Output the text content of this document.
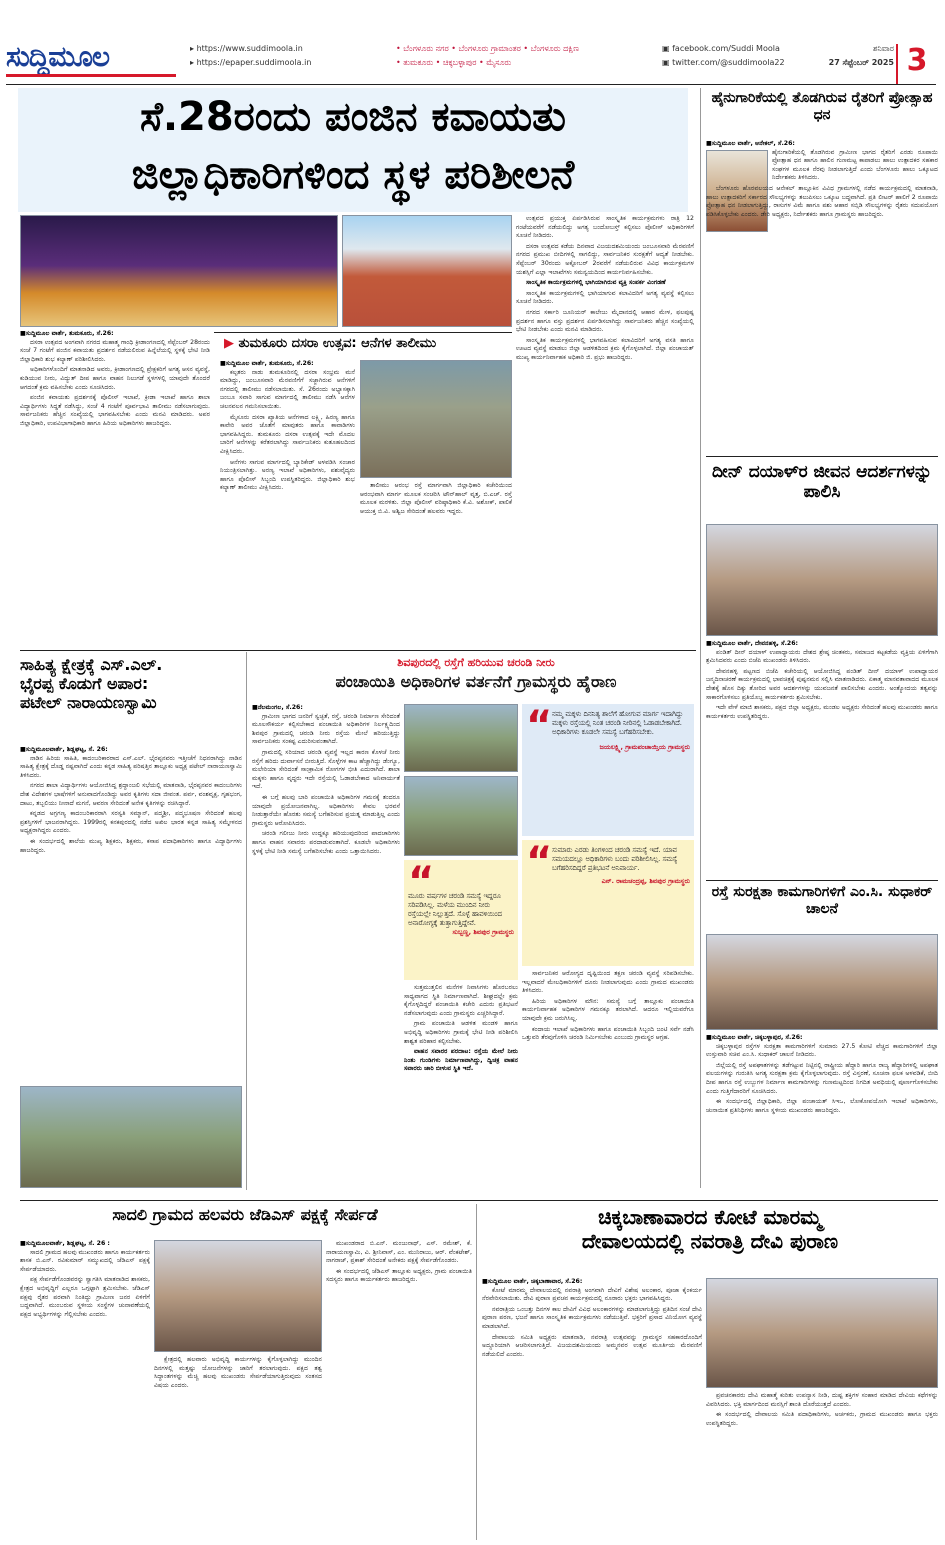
ಸುದ್ದಿಮೂಲ	▸ https://www.suddimoola.in
▸ https://epaper.suddimoola.in
• ಬೆಂಗಳೂರು ನಗರ • ಬೆಂಗಳೂರು ಗ್ರಾಮಾಂತರ • ಬೆಂಗಳೂರು ದಕ್ಷಿಣ
• ತುಮಕೂರು • ಚಿಕ್ಕಬಳ್ಳಾಪುರ • ಮೈಸೂರು
▣ facebook.com/Suddi Moola
▣ twitter.com/@suddimoola22
ಶನಿವಾರ
27 ಸೆಪ್ಟೆಂಬರ್ 2025 3
ಸೆ.28ರಂದು ಪಂಜಿನ ಕವಾಯತು
ಜಿಲ್ಲಾಧಿಕಾರಿಗಳಿಂದ ಸ್ಥಳ ಪರಿಶೀಲನೆ
■ಸುದ್ದಿಮೂಲ ವಾರ್ತೆ, ತುಮಕೂರು, ಸೆ.26:

ದಸರಾ ಉತ್ಸವದ ಅಂಗವಾಗಿ ನಗರದ ಮಹಾತ್ಮ ಗಾಂಧಿ ಕ್ರೀಡಾಂಗಣದಲ್ಲಿ ಸೆಪ್ಟೆಂಬರ್ 28ರಂದು ಸಂಜೆ 7 ಗಂಟೆಗೆ ಪಂಜಿನ ಕವಾಯತು ಪ್ರದರ್ಶನ ನಡೆಯಲಿರುವ ಹಿನ್ನೆಲೆಯಲ್ಲಿ ಸ್ಥಳಕ್ಕೆ ಭೇಟಿ ನೀಡಿ ಜಿಲ್ಲಾಧಿಕಾರಿ ಶುಭ ಕಲ್ಯಾಣ್ ಪರಿಶೀಲಿಸಿದರು.

ಅಧಿಕಾರಿಗಳೊಂದಿಗೆ ಮಾತನಾಡಿದ ಅವರು, ಕ್ರೀಡಾಂಗಣದಲ್ಲಿ ಪ್ರೇಕ್ಷಕರಿಗೆ ಅಗತ್ಯ ಆಸನ ವ್ಯವಸ್ಥೆ, ಕುಡಿಯುವ ನೀರು, ವಿದ್ಯುತ್ ದೀಪ ಹಾಗೂ ವಾಹನ ನಿಲುಗಡೆ ಸ್ಥಳಗಳಲ್ಲಿ ಯಾವುದೇ ತೊಂದರೆ ಆಗದಂತೆ ಕ್ರಮ ವಹಿಸಬೇಕು ಎಂದು ಸೂಚಿಸಿದರು.

ಪಂಜಿನ ಕವಾಯತು ಪ್ರದರ್ಶನಕ್ಕೆ ಪೊಲೀಸ್ ಇಲಾಖೆ, ಕ್ರೀಡಾ ಇಲಾಖೆ ಹಾಗೂ ಶಾಲಾ ವಿದ್ಯಾರ್ಥಿಗಳು ಸಿದ್ಧತೆ ನಡೆಸಿದ್ದು, ಸಂಜೆ 4 ಗಂಟೆಗೆ ಪೂರ್ವಭಾವಿ ತಾಲೀಮು ನಡೆಸಲಾಗುವುದು. ಸಾರ್ವಜನಿಕರು ಹೆಚ್ಚಿನ ಸಂಖ್ಯೆಯಲ್ಲಿ ಭಾಗವಹಿಸಬೇಕು ಎಂದು ಮನವಿ ಮಾಡಿದರು. ಅಪರ ಜಿಲ್ಲಾಧಿಕಾರಿ, ಉಪವಿಭಾಗಾಧಿಕಾರಿ ಹಾಗೂ ಹಿರಿಯ ಅಧಿಕಾರಿಗಳು ಹಾಜರಿದ್ದರು.

ಉತ್ಸವದ ಪ್ರಯುಕ್ತ ಏರ್ಪಡಿಸಿರುವ ಸಾಂಸ್ಕೃತಿಕ ಕಾರ್ಯಕ್ರಮಗಳು ರಾತ್ರಿ 12 ಗಂಟೆಯವರೆಗೆ ನಡೆಯಲಿದ್ದು ಅಗತ್ಯ ಬಂದೋಬಸ್ತ್ ಕಲ್ಪಿಸಲು ಪೊಲೀಸ್ ಅಧಿಕಾರಿಗಳಿಗೆ ಸೂಚನೆ ನೀಡಿದರು.

ದಸರಾ ಉತ್ಸವದ ಕಡೆಯ ದಿನವಾದ ವಿಜಯದಶಮಿಯಂದು ಜಂಬೂಸವಾರಿ ಮೆರವಣಿಗೆ ನಗರದ ಪ್ರಮುಖ ಬೀದಿಗಳಲ್ಲಿ ಸಾಗಲಿದ್ದು, ಸಾರ್ವಜನಿಕರ ಸುರಕ್ಷತೆಗೆ ಆದ್ಯತೆ ನೀಡಬೇಕು. ಸೆಪ್ಟೆಂಬರ್ 30ರಂದು ಅಕ್ಟೋಬರ್ 2ರವರೆಗೆ ನಡೆಯಲಿರುವ ವಿವಿಧ ಕಾರ್ಯಕ್ರಮಗಳ ಯಶಸ್ಸಿಗೆ ಎಲ್ಲಾ ಇಲಾಖೆಗಳು ಸಮನ್ವಯದಿಂದ ಕಾರ್ಯನಿರ್ವಹಿಸಬೇಕು.

ಸಾಂಸ್ಕೃತಿಕ ಕಾರ್ಯಕ್ರಮಗಳಲ್ಲಿ ಭಾಗಿಯಾಗಿರುವ ವ್ಯಕ್ತಿ ಸಂಪರ್ಕ ವಿಂಗಡಣೆ

ಸಾಂಸ್ಕೃತಿಕ ಕಾರ್ಯಕ್ರಮಗಳಲ್ಲಿ ಭಾಗಿಯಾಗುವ ಕಲಾವಿದರಿಗೆ ಅಗತ್ಯ ವ್ಯವಸ್ಥೆ ಕಲ್ಪಿಸಲು ಸೂಚನೆ ನೀಡಿದರು.

ನಗರದ ಸರ್ಕಾರಿ ಜೂನಿಯರ್ ಕಾಲೇಜು ಮೈದಾನದಲ್ಲಿ ಆಹಾರ ಮೇಳ, ಫಲಪುಷ್ಪ ಪ್ರದರ್ಶನ ಹಾಗೂ ವಸ್ತು ಪ್ರದರ್ಶನ ಏರ್ಪಡಿಸಲಾಗಿದ್ದು ಸಾರ್ವಜನಿಕರು ಹೆಚ್ಚಿನ ಸಂಖ್ಯೆಯಲ್ಲಿ ಭೇಟಿ ನೀಡಬೇಕು ಎಂದು ಮನವಿ ಮಾಡಿದರು.

ಸಾಂಸ್ಕೃತಿಕ ಕಾರ್ಯಕ್ರಮಗಳಲ್ಲಿ ಭಾಗವಹಿಸುವ ಕಲಾವಿದರಿಗೆ ಅಗತ್ಯ ವಸತಿ ಹಾಗೂ ಊಟದ ವ್ಯವಸ್ಥೆ ಮಾಡಲು ಜಿಲ್ಲಾ ಆಡಳಿತದಿಂದ ಕ್ರಮ ಕೈಗೊಳ್ಳಲಾಗಿದೆ. ಜಿಲ್ಲಾ ಪಂಚಾಯತ್ ಮುಖ್ಯ ಕಾರ್ಯನಿರ್ವಾಹಕ ಅಧಿಕಾರಿ ಜಿ. ಪ್ರಭು ಹಾಜರಿದ್ದರು.

▶ ತುಮಕೂರು ದಸರಾ ಉತ್ಸವ: ಆನೆಗಳ ತಾಲೀಮು
■ಸುದ್ದಿಮೂಲ ವಾರ್ತೆ, ತುಮಕೂರು, ಸೆ.26:

ಕಲ್ಪತರು ನಾಡು ತುಮಕೂರಿನಲ್ಲಿ ದಸರಾ ಸಂಭ್ರಮ ಮನೆ ಮಾಡಿದ್ದು, ಜಂಬೂಸವಾರಿ ಮೆರವಣಿಗೆಗೆ ಸಜ್ಜಾಗಿರುವ ಆನೆಗಳಿಗೆ ನಗರದಲ್ಲಿ ತಾಲೀಮು ನಡೆಸಲಾಯಿತು. ಸೆ. 26ರಂದು ಅಭ್ಯಾಸಕ್ಕಾಗಿ ಜಂಬೂ ಸವಾರಿ ಸಾಗುವ ಮಾರ್ಗದಲ್ಲಿ ತಾಲೀಮು ನಡೆಸಿ ಆನೆಗಳ ಚಲನವಲನ ಗಮನಿಸಲಾಯಿತು.

ಮೈಸೂರು ದಸರಾ ಖ್ಯಾತಿಯ ಆನೆಗಳಾದ ಲಕ್ಷ್ಮಿ, ಹಿರಣ್ಯ ಹಾಗೂ ಕಾವೇರಿ ಅವರ ಜೊತೆಗೆ ಮಾವುತರು ಹಾಗೂ ಕಾವಾಡಿಗಳು ಭಾಗವಹಿಸಿದ್ದರು. ತುಮಕೂರು ದಸರಾ ಉತ್ಸವಕ್ಕೆ ಇದೇ ಮೊದಲ ಬಾರಿಗೆ ಆನೆಗಳನ್ನು ಕರೆತರಲಾಗಿದ್ದು ಸಾರ್ವಜನಿಕರು ಕುತೂಹಲದಿಂದ ವೀಕ್ಷಿಸಿದರು.

ಆನೆಗಳು ಸಾಗುವ ಮಾರ್ಗದಲ್ಲಿ ಬ್ಯಾರಿಕೇಡ್ ಅಳವಡಿಸಿ ಸಂಚಾರ ನಿಯಂತ್ರಿಸಲಾಗಿತ್ತು. ಅರಣ್ಯ ಇಲಾಖೆ ಅಧಿಕಾರಿಗಳು, ಪಶುವೈದ್ಯರು ಹಾಗೂ ಪೊಲೀಸ್ ಸಿಬ್ಬಂದಿ ಉಪಸ್ಥಿತರಿದ್ದರು. ಜಿಲ್ಲಾಧಿಕಾರಿ ಶುಭ ಕಲ್ಯಾಣ್ ತಾಲೀಮು ವೀಕ್ಷಿಸಿದರು.	ತಾಲೀಮು ಆರಂಭ ರಸ್ತೆ ಮಾರ್ಗವಾಗಿ ಜಿಲ್ಲಾಧಿಕಾರಿ ಕಚೇರಿಯಿಂದ ಆರಂಭವಾಗಿ ಮಾರ್ಗ ಮೂಲಕ ಸಂಚರಿಸಿ ಟೌನ್‌ಹಾಲ್ ವೃತ್ತ, ಬಿ.ಎಚ್. ರಸ್ತೆ ಮೂಲಕ ಮರಳಿತು. ಜಿಲ್ಲಾ ಪೊಲೀಸ್ ವರಿಷ್ಠಾಧಿಕಾರಿ ಕೆ.ವಿ. ಅಶೋಕ್, ಪಾಲಿಕೆ ಆಯುಕ್ತ ಬಿ.ವಿ. ಅಶ್ವಿಜ ಸೇರಿದಂತೆ ಹಲವರು ಇದ್ದರು.

ಹೈನುಗಾರಿಕೆಯಲ್ಲಿ ತೊಡಗಿರುವ ರೈತರಿಗೆ ಪ್ರೋತ್ಸಾಹ ಧನ
■ಸುದ್ದಿಮೂಲ ವಾರ್ತೆ, ಆನೇಕಲ್, ಸೆ.26:

ಹೈನುಗಾರಿಕೆಯಲ್ಲಿ ತೊಡಗಿರುವ ಗ್ರಾಮೀಣ ಭಾಗದ ರೈತರಿಗೆ ಎರಡು ರೂಪಾಯಿ ಪ್ರೋತ್ಸಾಹ ಧನ ಹಾಗೂ ಹಾಲಿನ ಗುಣಮಟ್ಟ ಕಾಪಾಡಲು ಹಾಲು ಉತ್ಪಾದಕರ ಸಹಕಾರ ಸಂಘಗಳ ಮೂಲಕ ನೆರವು ನೀಡಲಾಗುತ್ತಿದೆ ಎಂದು ಬೆಂಗಳೂರು ಹಾಲು ಒಕ್ಕೂಟದ ನಿರ್ದೇಶಕರು ತಿಳಿಸಿದರು.

ಬೆಂಗಳೂರು ಹೊರವಲಯದ ಆನೇಕಲ್ ತಾಲ್ಲೂಕಿನ ವಿವಿಧ ಗ್ರಾಮಗಳಲ್ಲಿ ನಡೆದ ಕಾರ್ಯಕ್ರಮದಲ್ಲಿ ಮಾತನಾಡಿ, ಹಾಲು ಉತ್ಪಾದಕರಿಗೆ ಸರ್ಕಾರದ ಸೌಲಭ್ಯಗಳನ್ನು ತಲುಪಿಸಲು ಒಕ್ಕೂಟ ಬದ್ಧವಾಗಿದೆ. ಪ್ರತಿ ಲೀಟರ್ ಹಾಲಿಗೆ 2 ರೂಪಾಯಿ ಪ್ರೋತ್ಸಾಹ ಧನ ನೀಡಲಾಗುತ್ತಿದ್ದು, ರಾಸುಗಳ ವಿಮೆ ಹಾಗೂ ಪಶು ಆಹಾರ ಸಬ್ಸಿಡಿ ಸೌಲಭ್ಯಗಳನ್ನು ರೈತರು ಸದುಪಯೋಗ ಪಡಿಸಿಕೊಳ್ಳಬೇಕು ಎಂದರು. ಡೇರಿ ಅಧ್ಯಕ್ಷರು, ನಿರ್ದೇಶಕರು ಹಾಗೂ ಗ್ರಾಮಸ್ಥರು ಹಾಜರಿದ್ದರು.

ದೀನ್ ದಯಾಳ್‌ರ ಜೀವನ ಆದರ್ಶಗಳನ್ನು ಪಾಲಿಸಿ
■ಸುದ್ದಿಮೂಲ ವಾರ್ತೆ, ದೇವನಹಳ್ಳಿ, ಸೆ.26:

ಪಂಡಿತ್ ದೀನ್ ದಯಾಳ್ ಉಪಾಧ್ಯಾಯರು ದೇಶದ ಶ್ರೇಷ್ಠ ಚಿಂತಕರು, ಸಮಾಜದ ಕಟ್ಟಕಡೆಯ ವ್ಯಕ್ತಿಯ ಏಳಿಗೆಗಾಗಿ ಶ್ರಮಿಸಿದವರು ಎಂದು ಬಿಜೆಪಿ ಮುಖಂಡರು ತಿಳಿಸಿದರು.

ದೇವನಹಳ್ಳಿ ಪಟ್ಟಣದ ಬಿಜೆಪಿ ಕಚೇರಿಯಲ್ಲಿ ಆಯೋಜಿಸಿದ್ದ ಪಂಡಿತ್ ದೀನ್ ದಯಾಳ್ ಉಪಾಧ್ಯಾಯರ ಜನ್ಮದಿನಾಚರಣೆ ಕಾರ್ಯಕ್ರಮದಲ್ಲಿ ಭಾವಚಿತ್ರಕ್ಕೆ ಪುಷ್ಪನಮನ ಸಲ್ಲಿಸಿ ಮಾತನಾಡಿದರು. ಏಕಾತ್ಮ ಮಾನವತಾವಾದದ ಮೂಲಕ ದೇಶಕ್ಕೆ ಹೊಸ ದಿಕ್ಕು ತೋರಿದ ಅವರ ಆದರ್ಶಗಳನ್ನು ಯುವಜನತೆ ಪಾಲಿಸಬೇಕು ಎಂದರು. ಅಂತ್ಯೋದಯ ತತ್ವವನ್ನು ಸಾಕಾರಗೊಳಿಸಲು ಪ್ರತಿಯೊಬ್ಬ ಕಾರ್ಯಕರ್ತರು ಶ್ರಮಿಸಬೇಕು.

ಇದೇ ವೇಳೆ ಮಾಜಿ ಶಾಸಕರು, ಪಕ್ಷದ ಜಿಲ್ಲಾ ಅಧ್ಯಕ್ಷರು, ಮಂಡಲ ಅಧ್ಯಕ್ಷರು ಸೇರಿದಂತೆ ಹಲವು ಮುಖಂಡರು ಹಾಗೂ ಕಾರ್ಯಕರ್ತರು ಉಪಸ್ಥಿತರಿದ್ದರು.

ರಸ್ತೆ ಸುರಕ್ಷತಾ ಕಾಮಗಾರಿಗಳಿಗೆ ಎಂ.ಸಿ. ಸುಧಾಕರ್ ಚಾಲನೆ
■ಸುದ್ದಿಮೂಲ ವಾರ್ತೆ, ಚಿಕ್ಕಬಳ್ಳಾಪುರ, ಸೆ.26:

ಚಿಕ್ಕಬಳ್ಳಾಪುರ ರಸ್ತೆಗಳ ಸುರಕ್ಷತಾ ಕಾಮಗಾರಿಗಳಿಗೆ ಸುಮಾರು 27.5 ಕೋಟಿ ವೆಚ್ಚದ ಕಾಮಗಾರಿಗಳಿಗೆ ಜಿಲ್ಲಾ ಉಸ್ತುವಾರಿ ಸಚಿವ ಎಂ.ಸಿ. ಸುಧಾಕರ್ ಚಾಲನೆ ನೀಡಿದರು.

ಜಿಲ್ಲೆಯಲ್ಲಿ ರಸ್ತೆ ಅಪಘಾತಗಳನ್ನು ತಡೆಗಟ್ಟುವ ನಿಟ್ಟಿನಲ್ಲಿ ರಾಷ್ಟ್ರೀಯ ಹೆದ್ದಾರಿ ಹಾಗೂ ರಾಜ್ಯ ಹೆದ್ದಾರಿಗಳಲ್ಲಿ ಅಪಘಾತ ವಲಯಗಳನ್ನು ಗುರುತಿಸಿ ಅಗತ್ಯ ಸುರಕ್ಷತಾ ಕ್ರಮ ಕೈಗೊಳ್ಳಲಾಗುವುದು. ರಸ್ತೆ ವಿಸ್ತರಣೆ, ಸೂಚನಾ ಫಲಕ ಅಳವಡಿಕೆ, ಬೀದಿ ದೀಪ ಹಾಗೂ ರಸ್ತೆ ಉಬ್ಬುಗಳ ನಿರ್ಮಾಣ ಕಾಮಗಾರಿಗಳನ್ನು ಗುಣಮಟ್ಟದಿಂದ ನಿಗದಿತ ಅವಧಿಯಲ್ಲಿ ಪೂರ್ಣಗೊಳಿಸಬೇಕು ಎಂದು ಗುತ್ತಿಗೆದಾರರಿಗೆ ಸೂಚಿಸಿದರು.

ಈ ಸಂದರ್ಭದಲ್ಲಿ ಜಿಲ್ಲಾಧಿಕಾರಿ, ಜಿಲ್ಲಾ ಪಂಚಾಯತ್ ಸಿಇಒ, ಲೋಕೋಪಯೋಗಿ ಇಲಾಖೆ ಅಧಿಕಾರಿಗಳು, ಚುನಾಯಿತ ಪ್ರತಿನಿಧಿಗಳು ಹಾಗೂ ಸ್ಥಳೀಯ ಮುಖಂಡರು ಹಾಜರಿದ್ದರು.

ಸಾಹಿತ್ಯ ಕ್ಷೇತ್ರಕ್ಕೆ ಎಸ್.ಎಲ್.
ಭೈರಪ್ಪ ಕೊಡುಗೆ ಅಪಾರ:
ಪಟೇಲ್ ನಾರಾಯಣಸ್ವಾಮಿ
■ಸುದ್ದಿಮೂಲವಾರ್ತೆ, ಶಿಡ್ಲಘಟ್ಟ, ಸೆ. 26:

ನಾಡಿನ ಹಿರಿಯ ಸಾಹಿತಿ, ಕಾದಂಬರಿಕಾರರಾದ ಎಸ್.ಎಲ್. ಭೈರಪ್ಪನವರು ಇತ್ತೀಚೆಗೆ ನಿಧನರಾಗಿದ್ದು ನಾಡಿನ ಸಾಹಿತ್ಯ ಕ್ಷೇತ್ರಕ್ಕೆ ದೊಡ್ಡ ನಷ್ಟವಾಗಿದೆ ಎಂದು ಕನ್ನಡ ಸಾಹಿತ್ಯ ಪರಿಷತ್ತಿನ ತಾಲ್ಲೂಕು ಅಧ್ಯಕ್ಷ ಪಟೇಲ್ ನಾರಾಯಣಸ್ವಾಮಿ ತಿಳಿಸಿದರು.

ನಗರದ ಶಾಲಾ ವಿದ್ಯಾರ್ಥಿಗಳು ಆಯೋಜಿಸಿದ್ದ ಶ್ರದ್ಧಾಂಜಲಿ ಸಭೆಯಲ್ಲಿ ಮಾತನಾಡಿ, ಭೈರಪ್ಪನವರ ಕಾದಂಬರಿಗಳು ದೇಶ ವಿದೇಶಗಳ ಭಾಷೆಗಳಿಗೆ ಅನುವಾದಗೊಂಡಿದ್ದು ಅವರ ಕೃತಿಗಳು ಸದಾ ಜೀವಂತ. ಪರ್ವ, ವಂಶವೃಕ್ಷ, ಗೃಹಭಂಗ, ದಾಟು, ತಬ್ಬಲಿಯು ನೀನಾದೆ ಮಗನೆ, ಆವರಣ ಸೇರಿದಂತೆ ಅನೇಕ ಕೃತಿಗಳನ್ನು ರಚಿಸಿದ್ದಾರೆ.

ಕನ್ನಡದ ಅಗ್ರಗಣ್ಯ ಕಾದಂಬರಿಕಾರರಾಗಿ ಸರಸ್ವತಿ ಸಮ್ಮಾನ್, ಪದ್ಮಶ್ರೀ, ಪದ್ಮಭೂಷಣ ಸೇರಿದಂತೆ ಹಲವು ಪ್ರಶಸ್ತಿಗಳಿಗೆ ಭಾಜನರಾಗಿದ್ದರು. 1999ರಲ್ಲಿ ಕನಕಪುರದಲ್ಲಿ ನಡೆದ ಅಖಿಲ ಭಾರತ ಕನ್ನಡ ಸಾಹಿತ್ಯ ಸಮ್ಮೇಳನದ ಅಧ್ಯಕ್ಷರಾಗಿದ್ದರು ಎಂದರು.

ಈ ಸಂದರ್ಭದಲ್ಲಿ ಶಾಲೆಯ ಮುಖ್ಯ ಶಿಕ್ಷಕರು, ಶಿಕ್ಷಕರು, ಕಸಾಪ ಪದಾಧಿಕಾರಿಗಳು ಹಾಗೂ ವಿದ್ಯಾರ್ಥಿಗಳು ಹಾಜರಿದ್ದರು.

ಶಿವಪುರದಲ್ಲಿ ರಸ್ತೆಗೆ ಹರಿಯುವ ಚರಂಡಿ ನೀರು
ಪಂಚಾಯಿತಿ ಅಧಿಕಾರಿಗಳ ವರ್ತನೆಗೆ ಗ್ರಾಮಸ್ಥರು ಹೈರಾಣ
■ನೆಲಮಂಗಲ, ಸೆ.26:

ಗ್ರಾಮೀಣ ಭಾಗದ ಜನರಿಗೆ ಸ್ವಚ್ಛತೆ, ರಸ್ತೆ, ಚರಂಡಿ ನಿರ್ಮಾಣ ಸೇರಿದಂತೆ ಮೂಲಸೌಕರ್ಯ ಕಲ್ಪಿಸಬೇಕಾದ ಪಂಚಾಯಿತಿ ಅಧಿಕಾರಿಗಳ ನಿರ್ಲಕ್ಷ್ಯದಿಂದ ಶಿವಪುರ ಗ್ರಾಮದಲ್ಲಿ ಚರಂಡಿ ನೀರು ರಸ್ತೆಯ ಮೇಲೆ ಹರಿಯುತ್ತಿದ್ದು ಸಾರ್ವಜನಿಕರು ಸಂಕಷ್ಟ ಎದುರಿಸುವಂತಾಗಿದೆ.

ಗ್ರಾಮದಲ್ಲಿ ಸರಿಯಾದ ಚರಂಡಿ ವ್ಯವಸ್ಥೆ ಇಲ್ಲದ ಕಾರಣ ಕೊಳಚೆ ನೀರು ರಸ್ತೆಗೆ ಹರಿದು ದುರ್ವಾಸನೆ ಬೀರುತ್ತಿದೆ. ಸೊಳ್ಳೆಗಳ ಕಾಟ ಹೆಚ್ಚಾಗಿದ್ದು ಡೆಂಗ್ಯೂ, ಮಲೇರಿಯಾ ಸೇರಿದಂತೆ ಸಾಂಕ್ರಾಮಿಕ ರೋಗಗಳ ಭೀತಿ ಎದುರಾಗಿದೆ. ಶಾಲಾ ಮಕ್ಕಳು ಹಾಗೂ ವೃದ್ಧರು ಇದೇ ರಸ್ತೆಯಲ್ಲಿ ಓಡಾಡಬೇಕಾದ ಅನಿವಾರ್ಯತೆ ಇದೆ.

ಈ ಬಗ್ಗೆ ಹಲವು ಬಾರಿ ಪಂಚಾಯಿತಿ ಅಧಿಕಾರಿಗಳ ಗಮನಕ್ಕೆ ತಂದರೂ ಯಾವುದೇ ಪ್ರಯೋಜನವಾಗಿಲ್ಲ. ಅಧಿಕಾರಿಗಳು ಕೇವಲ ಭರವಸೆ ನೀಡುತ್ತಾರೆಯೇ ಹೊರತು ಸಮಸ್ಯೆ ಬಗೆಹರಿಸುವ ಪ್ರಯತ್ನ ಮಾಡುತ್ತಿಲ್ಲ ಎಂದು ಗ್ರಾಮಸ್ಥರು ಆರೋಪಿಸಿದರು.

ಚರಂಡಿ ಗಲೀಜು ನೀರು ಉದ್ದಕ್ಕೂ ಹರಿಯುವುದರಿಂದ ಪಾದಚಾರಿಗಳು ಹಾಗೂ ವಾಹನ ಸವಾರರು ಪರದಾಡುವಂತಾಗಿದೆ. ಕೂಡಲೇ ಅಧಿಕಾರಿಗಳು ಸ್ಥಳಕ್ಕೆ ಭೇಟಿ ನೀಡಿ ಸಮಸ್ಯೆ ಬಗೆಹರಿಸಬೇಕು ಎಂದು ಒತ್ತಾಯಿಸಿದರು.

“ ನಮ್ಮ ಮಕ್ಕಳು ದಿನನಿತ್ಯ ಶಾಲೆಗೆ ಹೋಗುವ ಮಾರ್ಗ ಇದಾಗಿದ್ದು ಮಕ್ಕಳು ರಸ್ತೆಯಲ್ಲಿ ನಿಂತ ಚರಂಡಿ ನೀರಿನಲ್ಲಿ ಓಡಾಡಬೇಕಾಗಿದೆ. ಅಧಿಕಾರಿಗಳು ಕೂಡಲೇ ಸಮಸ್ಯೆ ಬಗೆಹರಿಸಬೇಕು.
ಜಯಲಕ್ಷ್ಮಿ, ಗ್ರಾಮಪಂಚಾಯ್ತಿಯ ಗ್ರಾಮಸ್ಥರು
“
ಮೂರು ವರ್ಷಗಳ ಚರಂಡಿ ಸಮಸ್ಯೆ ಇದ್ದರೂ ಸರಿಪಡಿಸಿಲ್ಲ. ಮಳೆಯ ಮುಂದಿನ ನೀರು ರಸ್ತೆಯಲ್ಲೇ ನಿಲ್ಲುತ್ತದೆ. ಸೊಳ್ಳೆ ಹಾವಳಿಯಿಂದ ಅನಾರೋಗ್ಯಕ್ಕೆ ತುತ್ತಾಗುತ್ತಿದ್ದೇವೆ.
ಸುಬ್ಬಣ್ಣ, ಶಿವಪುರ ಗ್ರಾಮಸ್ಥರು
“ ಸುಮಾರು ಎರಡು ತಿಂಗಳಿಂದ ಚರಂಡಿ ಸಮಸ್ಯೆ ಇದೆ. ಯಾವ ಸಮಯದಲ್ಲೂ ಅಧಿಕಾರಿಗಳು ಬಂದು ಪರಿಶೀಲಿಸಿಲ್ಲ. ಸಮಸ್ಯೆ ಬಗೆಹರಿಸದಿದ್ದರೆ ಪ್ರತಿಭಟನೆ ಅನಿವಾರ್ಯ.
ಎನ್. ರಾಮಚಂದ್ರಪ್ಪ, ಶಿವಪುರ ಗ್ರಾಮಸ್ಥರು

ಸುತ್ತಮುತ್ತಲಿನ ಮನೆಗಳ ನಿವಾಸಿಗಳು ಹೊರಬರಲು ಸಾಧ್ಯವಾಗದ ಸ್ಥಿತಿ ನಿರ್ಮಾಣವಾಗಿದೆ. ಶೀಘ್ರದಲ್ಲೇ ಕ್ರಮ ಕೈಗೊಳ್ಳದಿದ್ದರೆ ಪಂಚಾಯಿತಿ ಕಚೇರಿ ಎದುರು ಪ್ರತಿಭಟನೆ ನಡೆಸಲಾಗುವುದು ಎಂದು ಗ್ರಾಮಸ್ಥರು ಎಚ್ಚರಿಸಿದ್ದಾರೆ.

ಗ್ರಾಮ ಪಂಚಾಯಿತಿ ಆಡಳಿತ ಮಂಡಳಿ ಹಾಗೂ ಅಭಿವೃದ್ಧಿ ಅಧಿಕಾರಿಗಳು ಗ್ರಾಮಕ್ಕೆ ಭೇಟಿ ನೀಡಿ ಪರಿಶೀಲಿಸಿ ಶಾಶ್ವತ ಪರಿಹಾರ ಕಲ್ಪಿಸಬೇಕು.

ವಾಹನ ಸವಾರರ ಪರದಾಟ: ರಸ್ತೆಯ ಮೇಲೆ ನೀರು ನಿಂತು ಗುಂಡಿಗಳು ನಿರ್ಮಾಣವಾಗಿದ್ದು, ದ್ವಿಚಕ್ರ ವಾಹನ ಸವಾರರು ಜಾರಿ ಬೀಳುವ ಸ್ಥಿತಿ ಇದೆ.

ಸಾರ್ವಜನಿಕರ ಆರೋಗ್ಯದ ದೃಷ್ಟಿಯಿಂದ ತಕ್ಷಣ ಚರಂಡಿ ವ್ಯವಸ್ಥೆ ಸರಿಪಡಿಸಬೇಕು. ಇಲ್ಲವಾದರೆ ಮೇಲಧಿಕಾರಿಗಳಿಗೆ ದೂರು ನೀಡಲಾಗುವುದು ಎಂದು ಗ್ರಾಮದ ಮುಖಂಡರು ತಿಳಿಸಿದರು.

ಹಿರಿಯ ಅಧಿಕಾರಿಗಳ ಮೌನ: ಸಮಸ್ಯೆ ಬಗ್ಗೆ ತಾಲ್ಲೂಕು ಪಂಚಾಯಿತಿ ಕಾರ್ಯನಿರ್ವಾಹಕ ಅಧಿಕಾರಿಗಳ ಗಮನಕ್ಕೂ ತರಲಾಗಿದೆ. ಆದರೂ ಇಲ್ಲಿಯವರೆಗೂ ಯಾವುದೇ ಕ್ರಮ ಜರುಗಿಸಿಲ್ಲ.

ಕಂದಾಯ ಇಲಾಖೆ ಅಧಿಕಾರಿಗಳು ಹಾಗೂ ಪಂಚಾಯಿತಿ ಸಿಬ್ಬಂದಿ ಜಂಟಿ ಸರ್ವೆ ನಡೆಸಿ ಒತ್ತುವರಿ ತೆರವುಗೊಳಿಸಿ ಚರಂಡಿ ನಿರ್ಮಿಸಬೇಕು ಎಂಬುದು ಗ್ರಾಮಸ್ಥರ ಆಗ್ರಹ.

ಸಾದಲಿ ಗ್ರಾಮದ ಹಲವರು ಜೆಡಿಎಸ್ ಪಕ್ಷಕ್ಕೆ ಸೇರ್ಪಡೆ
■ಸುದ್ದಿಮೂಲವಾರ್ತೆ, ಶಿಡ್ಲಘಟ್ಟ, ಸೆ. 26 :

ಸಾದಲಿ ಗ್ರಾಮದ ಹಲವು ಮುಖಂಡರು ಹಾಗೂ ಕಾರ್ಯಕರ್ತರು ಶಾಸಕ ಬಿ.ಎನ್. ರವಿಕುಮಾರ್ ಸಮ್ಮುಖದಲ್ಲಿ ಜೆಡಿಎಸ್ ಪಕ್ಷಕ್ಕೆ ಸೇರ್ಪಡೆಯಾದರು.

ಪಕ್ಷ ಸೇರ್ಪಡೆಗೊಂಡವರನ್ನು ಸ್ವಾಗತಿಸಿ ಮಾತನಾಡಿದ ಶಾಸಕರು, ಕ್ಷೇತ್ರದ ಅಭಿವೃದ್ಧಿಗೆ ಎಲ್ಲರೂ ಒಗ್ಗಟ್ಟಾಗಿ ಶ್ರಮಿಸಬೇಕು. ಜೆಡಿಎಸ್ ಪಕ್ಷವು ರೈತರ ಪರವಾಗಿ ನಿಂತಿದ್ದು ಗ್ರಾಮೀಣ ಜನರ ಏಳಿಗೆಗೆ ಬದ್ಧವಾಗಿದೆ. ಮುಂಬರುವ ಸ್ಥಳೀಯ ಸಂಸ್ಥೆಗಳ ಚುನಾವಣೆಯಲ್ಲಿ ಪಕ್ಷದ ಅಭ್ಯರ್ಥಿಗಳನ್ನು ಗೆಲ್ಲಿಸಬೇಕು ಎಂದರು.

ಕ್ಷೇತ್ರದಲ್ಲಿ ಹಲವಾರು ಅಭಿವೃದ್ಧಿ ಕಾರ್ಯಗಳನ್ನು ಕೈಗೊಳ್ಳಲಾಗಿದ್ದು ಮುಂದಿನ ದಿನಗಳಲ್ಲಿ ಮತ್ತಷ್ಟು ಯೋಜನೆಗಳನ್ನು ಜಾರಿಗೆ ತರಲಾಗುವುದು. ಪಕ್ಷದ ತತ್ವ ಸಿದ್ಧಾಂತಗಳನ್ನು ಮೆಚ್ಚಿ ಹಲವು ಮುಖಂಡರು ಸೇರ್ಪಡೆಯಾಗುತ್ತಿರುವುದು ಸಂತಸದ ವಿಷಯ ಎಂದರು.

ಮುಖಂಡರಾದ ಬಿ.ಎನ್. ಮಂಜುನಾಥ್, ಎಸ್. ರಮೇಶ್, ಕೆ. ನಾರಾಯಣಸ್ವಾಮಿ, ವಿ. ಶ್ರೀನಿವಾಸ್, ಎಂ. ಮುನಿರಾಜು, ಆರ್. ವೆಂಕಟೇಶ್, ನಾಗರಾಜ್, ಪ್ರಕಾಶ್ ಸೇರಿದಂತೆ ಅನೇಕರು ಪಕ್ಷಕ್ಕೆ ಸೇರ್ಪಡೆಗೊಂಡರು.

ಈ ಸಂದರ್ಭದಲ್ಲಿ ಜೆಡಿಎಸ್ ತಾಲ್ಲೂಕು ಅಧ್ಯಕ್ಷರು, ಗ್ರಾಮ ಪಂಚಾಯಿತಿ ಸದಸ್ಯರು ಹಾಗೂ ಕಾರ್ಯಕರ್ತರು ಹಾಜರಿದ್ದರು.

ಚಿಕ್ಕಬಾಣಾವಾರದ ಕೋಟೆ ಮಾರಮ್ಮ
ದೇವಾಲಯದಲ್ಲಿ ನವರಾತ್ರಿ ದೇವಿ ಪುರಾಣ
■ಸುದ್ದಿಮೂಲ ವಾರ್ತೆ, ಚಿಕ್ಕಬಾಣಾವಾರ, ಸೆ.26:

ಕೋಟೆ ಮಾರಮ್ಮ ದೇವಾಲಯದಲ್ಲಿ ನವರಾತ್ರಿ ಅಂಗವಾಗಿ ದೇವಿಗೆ ವಿಶೇಷ ಅಲಂಕಾರ, ಪೂಜಾ ಕೈಂಕರ್ಯ ನೆರವೇರಿಸಲಾಯಿತು. ದೇವಿ ಪುರಾಣ ಪ್ರವಚನ ಕಾರ್ಯಕ್ರಮದಲ್ಲಿ ನೂರಾರು ಭಕ್ತರು ಭಾಗವಹಿಸಿದ್ದರು.

ನವರಾತ್ರಿಯ ಒಂಬತ್ತು ದಿನಗಳ ಕಾಲ ದೇವಿಗೆ ವಿವಿಧ ಅಲಂಕಾರಗಳನ್ನು ಮಾಡಲಾಗುತ್ತಿದ್ದು ಪ್ರತಿದಿನ ಸಂಜೆ ದೇವಿ ಪುರಾಣ ಪಠಣ, ಭಜನೆ ಹಾಗೂ ಸಾಂಸ್ಕೃತಿಕ ಕಾರ್ಯಕ್ರಮಗಳು ನಡೆಯುತ್ತಿವೆ. ಭಕ್ತರಿಗೆ ಪ್ರಸಾದ ವಿನಿಯೋಗ ವ್ಯವಸ್ಥೆ ಮಾಡಲಾಗಿದೆ.

ದೇವಾಲಯ ಸಮಿತಿ ಅಧ್ಯಕ್ಷರು ಮಾತನಾಡಿ, ನವರಾತ್ರಿ ಉತ್ಸವವನ್ನು ಗ್ರಾಮಸ್ಥರ ಸಹಕಾರದೊಂದಿಗೆ ಅದ್ದೂರಿಯಾಗಿ ಆಚರಿಸಲಾಗುತ್ತಿದೆ. ವಿಜಯದಶಮಿಯಂದು ಅಮ್ಮನವರ ಉತ್ಸವ ಮೂರ್ತಿಯ ಮೆರವಣಿಗೆ ನಡೆಯಲಿದೆ ಎಂದರು.

ಪ್ರವಚನಕಾರರು ದೇವಿ ಮಹಾತ್ಮೆ ಕುರಿತು ಉಪನ್ಯಾಸ ನೀಡಿ, ದುಷ್ಟ ಶಕ್ತಿಗಳ ಸಂಹಾರ ಮಾಡಿದ ದೇವಿಯ ಕಥೆಗಳನ್ನು ವಿವರಿಸಿದರು. ಭಕ್ತಿ ಮಾರ್ಗದಿಂದ ಮನಸ್ಸಿಗೆ ಶಾಂತಿ ದೊರೆಯುತ್ತದೆ ಎಂದರು.

ಈ ಸಂದರ್ಭದಲ್ಲಿ ದೇವಾಲಯ ಸಮಿತಿ ಪದಾಧಿಕಾರಿಗಳು, ಅರ್ಚಕರು, ಗ್ರಾಮದ ಮುಖಂಡರು ಹಾಗೂ ಭಕ್ತರು ಉಪಸ್ಥಿತರಿದ್ದರು.
